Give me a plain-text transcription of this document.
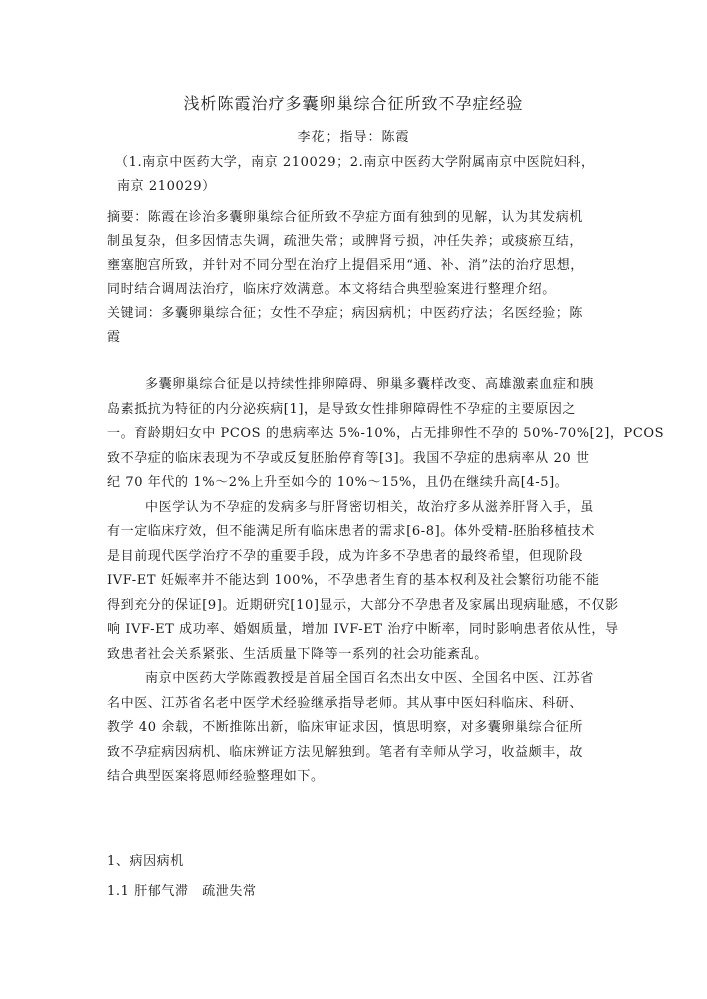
浅析陈霞治疗多囊卵巢综合征所致不孕症经验
李花；指导：陈霞
（1.南京中医药大学，南京 210029；2.南京中医药大学附属南京中医院妇科，
南京 210029）
摘要：陈霞在诊治多囊卵巢综合征所致不孕症方面有独到的见解，认为其发病机
制虽复杂，但多因情志失调，疏泄失常；或脾肾亏损，冲任失养；或痰瘀互结，
壅塞胞宫所致，并针对不同分型在治疗上提倡采用“通、补、消”法的治疗思想，
同时结合调周法治疗，临床疗效满意。本文将结合典型验案进行整理介绍。
关键词：多囊卵巢综合征；女性不孕症；病因病机；中医药疗法；名医经验；陈
霞
多囊卵巢综合征是以持续性排卵障碍、卵巢多囊样改变、高雄激素血症和胰
岛素抵抗为特征的内分泌疾病[1]，是导致女性排卵障碍性不孕症的主要原因之
一。育龄期妇女中 PCOS 的患病率达 5%-10%，占无排卵性不孕的 50%-70%[2]，PCOS
致不孕症的临床表现为不孕或反复胚胎停育等[3]。我国不孕症的患病率从 20 世
纪 70 年代的 1%～2%上升至如今的 10%～15%，且仍在继续升高[4-5]。
中医学认为不孕症的发病多与肝肾密切相关，故治疗多从滋养肝肾入手，虽
有一定临床疗效，但不能满足所有临床患者的需求[6-8]。体外受精-胚胎移植技术
是目前现代医学治疗不孕的重要手段，成为许多不孕患者的最终希望，但现阶段
IVF-ET 妊娠率并不能达到 100%，不孕患者生育的基本权利及社会繁衍功能不能
得到充分的保证[9]。近期研究[10]显示，大部分不孕患者及家属出现病耻感，不仅影
响 IVF-ET 成功率、婚姻质量，增加 IVF-ET 治疗中断率，同时影响患者依从性，导
致患者社会关系紧张、生活质量下降等一系列的社会功能紊乱。
南京中医药大学陈霞教授是首届全国百名杰出女中医、全国名中医、江苏省
名中医、江苏省名老中医学术经验继承指导老师。其从事中医妇科临床、科研、
教学 40 余载，不断推陈出新，临床审证求因，慎思明察，对多囊卵巢综合征所
致不孕症病因病机、临床辨证方法见解独到。笔者有幸师从学习，收益颇丰，故
结合典型医案将恩师经验整理如下。
1、病因病机
1.1 肝郁气滞　疏泄失常
